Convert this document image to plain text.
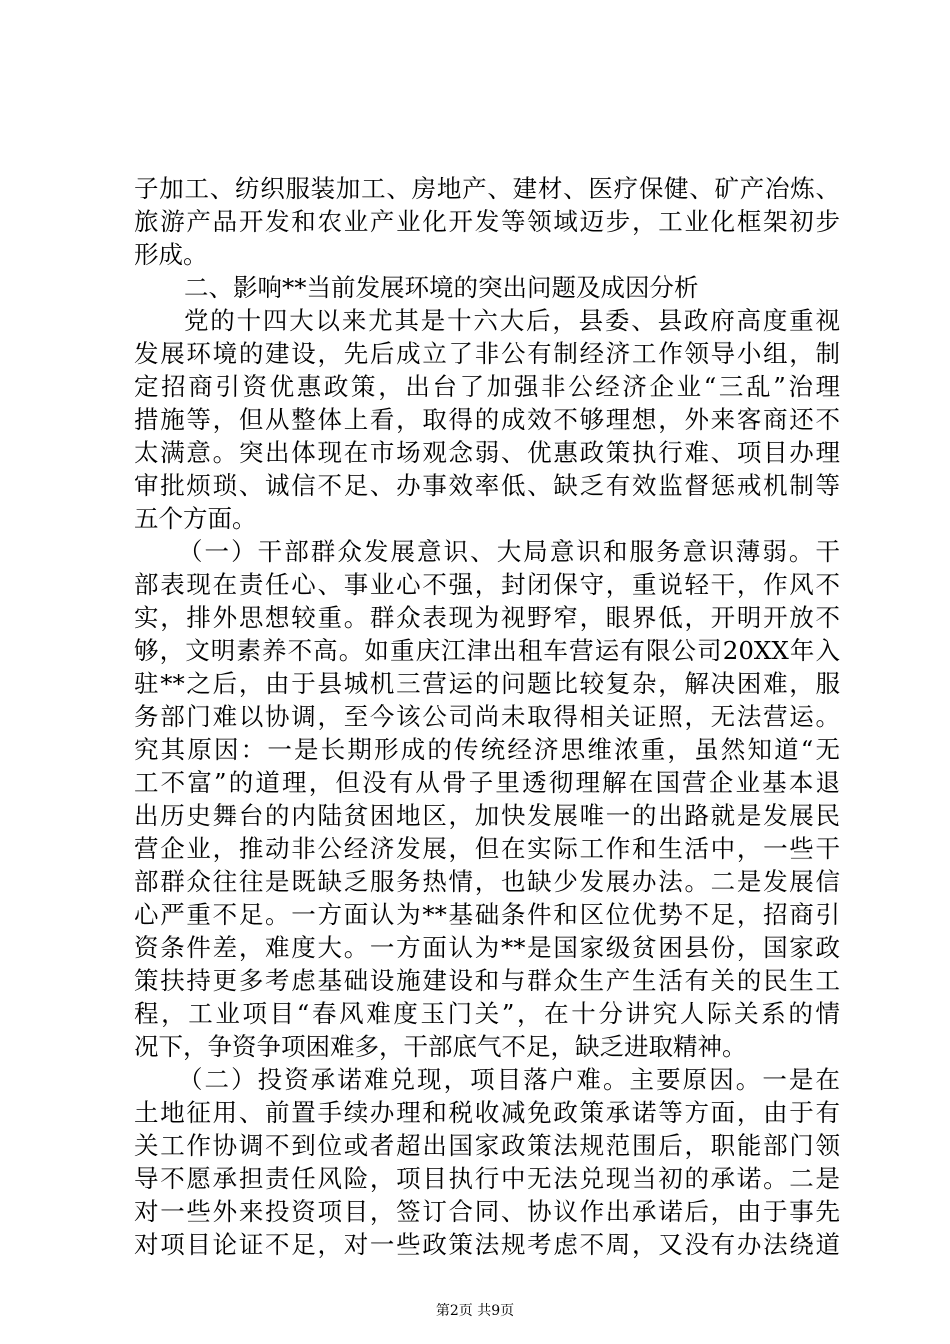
子加工、纺织服装加工、房地产、建材、医疗保健、矿产冶炼、
旅游产品开发和农业产业化开发等领域迈步，工业化框架初步
形成。
二、影响**当前发展环境的突出问题及成因分析
党的十四大以来尤其是十六大后，县委、县政府高度重视
发展环境的建设，先后成立了非公有制经济工作领导小组，制
定招商引资优惠政策，出台了加强非公经济企业“三乱”治理
措施等，但从整体上看，取得的成效不够理想，外来客商还不
太满意。突出体现在市场观念弱、优惠政策执行难、项目办理
审批烦琐、诚信不足、办事效率低、缺乏有效监督惩戒机制等
五个方面。
（一）干部群众发展意识、大局意识和服务意识薄弱。干
部表现在责任心、事业心不强，封闭保守，重说轻干，作风不
实，排外思想较重。群众表现为视野窄，眼界低，开明开放不
够，文明素养不高。如重庆江津出租车营运有限公司20XX年入
驻**之后，由于县城机三营运的问题比较复杂，解决困难，服
务部门难以协调，至今该公司尚未取得相关证照，无法营运。
究其原因：一是长期形成的传统经济思维浓重，虽然知道“无
工不富”的道理，但没有从骨子里透彻理解在国营企业基本退
出历史舞台的内陆贫困地区，加快发展唯一的出路就是发展民
营企业，推动非公经济发展，但在实际工作和生活中，一些干
部群众往往是既缺乏服务热情，也缺少发展办法。二是发展信
心严重不足。一方面认为**基础条件和区位优势不足，招商引
资条件差，难度大。一方面认为**是国家级贫困县份，国家政
策扶持更多考虑基础设施建设和与群众生产生活有关的民生工
程，工业项目“春风难度玉门关”，在十分讲究人际关系的情
况下，争资争项困难多，干部底气不足，缺乏进取精神。
（二）投资承诺难兑现，项目落户难。主要原因。一是在
土地征用、前置手续办理和税收减免政策承诺等方面，由于有
关工作协调不到位或者超出国家政策法规范围后，职能部门领
导不愿承担责任风险，项目执行中无法兑现当初的承诺。二是
对一些外来投资项目，签订合同、协议作出承诺后，由于事先
对项目论证不足，对一些政策法规考虑不周，又没有办法绕道
第2页 共9页
